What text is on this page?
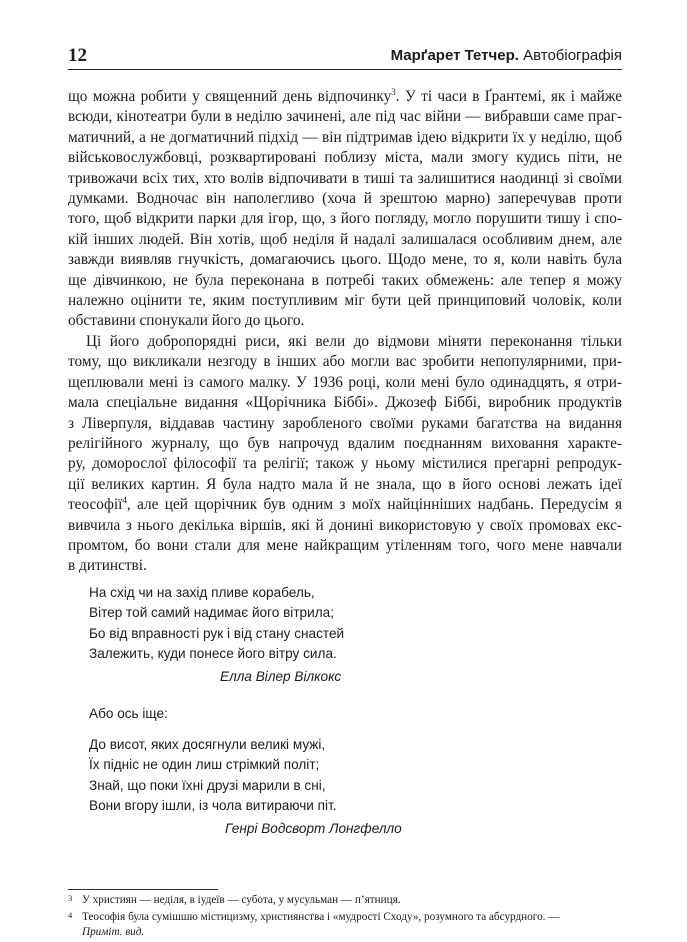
12	Марґарет Тетчер. Автобіографія

що можна робити у священний день відпочинку$^3$. У ті часи в Ґрантемі, як і майже
всюди, кінотеатри були в неділю зачинені, але під час війни — вибравши саме праг-
матичний, а не догматичний підхід — він підтримав ідею відкрити їх у неділю, щоб
військовослужбовці, розквартировані поблизу міста, мали змогу кудись піти, не
тривожачи всіх тих, хто волів відпочивати в тиші та залишитися наодинці зі своїми
думками. Водночас він наполегливо (хоча й зрештою марно) заперечував проти
того, щоб відкрити парки для ігор, що, з його погляду, могло порушити тишу і спо-
кій інших людей. Він хотів, щоб неділя й надалі залишалася особливим днем, але
завжди виявляв гнучкість, домагаючись цього. Щодо мене, то я, коли навіть була
ще дівчинкою, не була переконана в потребі таких обмежень: але тепер я можу
належно оцінити те, яким поступливим міг бути цей принциповий чоловік, коли
обставини спонукали його до цього.

Ці його добропорядні риси, які вели до відмови міняти переконання тільки
тому, що викликали незгоду в інших або могли вас зробити непопулярними, при-
щеплювали мені із самого малку. У 1936 році, коли мені було одинадцять, я отри-
мала спеціальне видання «Щорічника Біббі». Джозеф Біббі, виробник продуктів
з Ліверпуля, віддавав частину заробленого своїми руками багатства на видання
релігійного журналу, що був напрочуд вдалим поєднанням виховання характе-
ру, доморослої філософії та релігії; також у ньому містилися прегарні репродук-
ції великих картин. Я була надто мала й не знала, що в його основі лежать ідеї
теософії$^4$, але цей щорічник був одним з моїх найцінніших надбань. Передусім я
вивчила з нього декілька віршів, які й донині використовую у своїх промовах екс-
промтом, бо вони стали для мене найкращим утіленням того, чого мене навчали
в дитинстві.

На схід чи на захід пливе корабель,
Вітер той самий надимає його вітрила;
Бо від вправності рук і від стану снастей
Залежить, куди понесе його вітру сила.
Елла Вілер Вілкокс
Або ось іще:
До висот, яких досягнули великі мужі,
Їх підніс не один лиш стрімкий політ;
Знай, що поки їхні друзі марили в сні,
Вони вгору ішли, із чола витираючи піт.
Генрі Водсворт Лонгфелло
3 У християн — неділя, в іудеїв — субота, у мусульман — п’ятниця.
4 Теософія була сумішшю містицизму, християнства і «мудрості Сходу», розумного та абсурдного. —
Приміт. вид.
